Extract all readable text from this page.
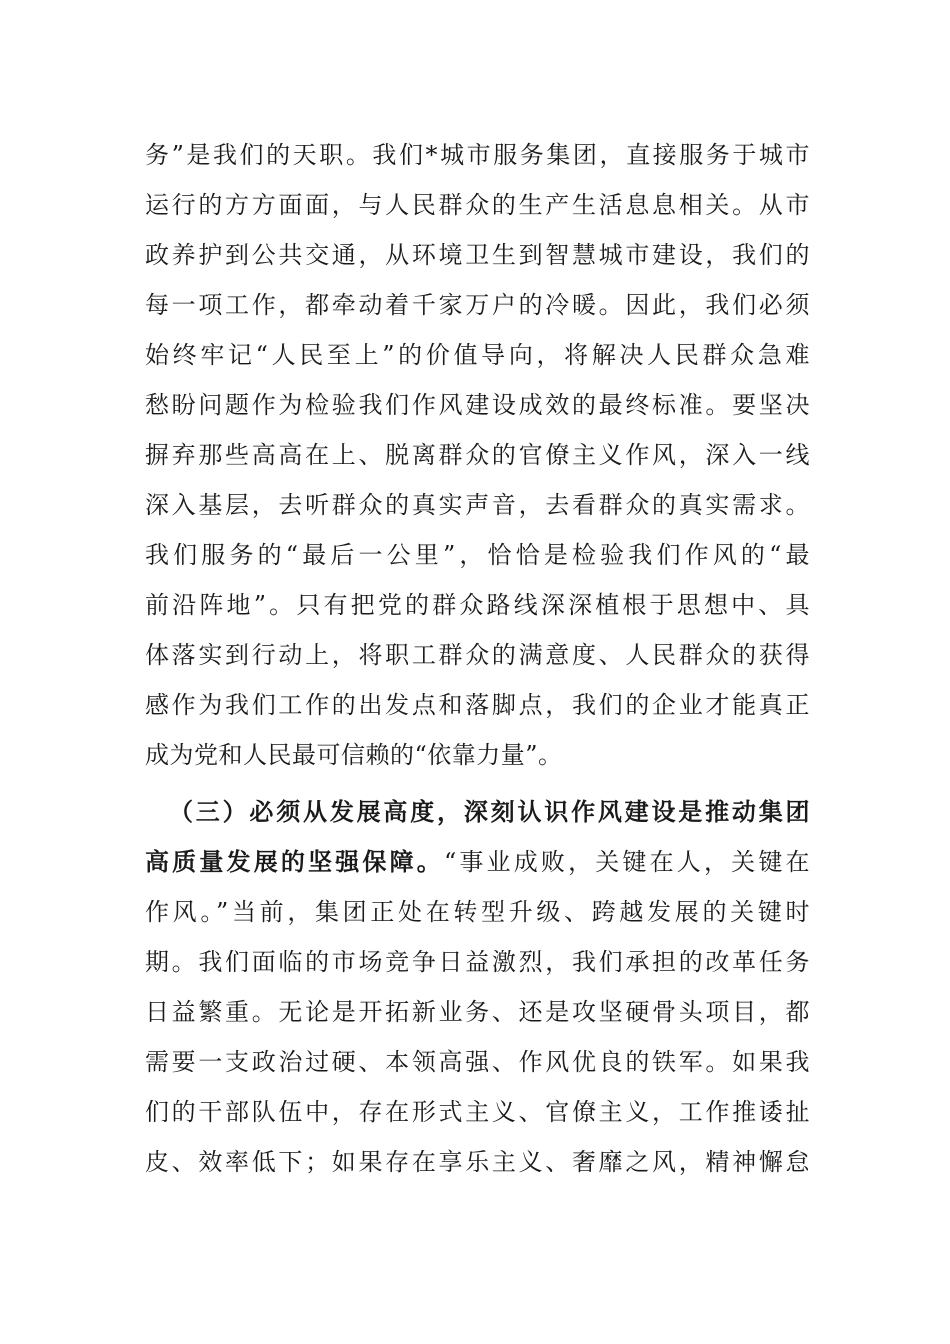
务”是我们的天职。我们*城市服务集团，直接服务于城市
运行的方方面面，与人民群众的生产生活息息相关。从市
政养护到公共交通，从环境卫生到智慧城市建设，我们的
每一项工作，都牵动着千家万户的冷暖。因此，我们必须
始终牢记“人民至上”的价值导向，将解决人民群众急难
愁盼问题作为检验我们作风建设成效的最终标准。要坚决
摒弃那些高高在上、脱离群众的官僚主义作风，深入一线
深入基层，去听群众的真实声音，去看群众的真实需求。
我们服务的“最后一公里”，恰恰是检验我们作风的“最
前沿阵地”。只有把党的群众路线深深植根于思想中、具
体落实到行动上，将职工群众的满意度、人民群众的获得
感作为我们工作的出发点和落脚点，我们的企业才能真正
成为党和人民最可信赖的“依靠力量”。
（三）必须从发展高度，深刻认识作风建设是推动集团
高质量发展的坚强保障。“事业成败，关键在人，关键在
作风。”当前，集团正处在转型升级、跨越发展的关键时
期。我们面临的市场竞争日益激烈，我们承担的改革任务
日益繁重。无论是开拓新业务、还是攻坚硬骨头项目，都
需要一支政治过硬、本领高强、作风优良的铁军。如果我
们的干部队伍中，存在形式主义、官僚主义，工作推诿扯
皮、效率低下；如果存在享乐主义、奢靡之风，精神懈怠
